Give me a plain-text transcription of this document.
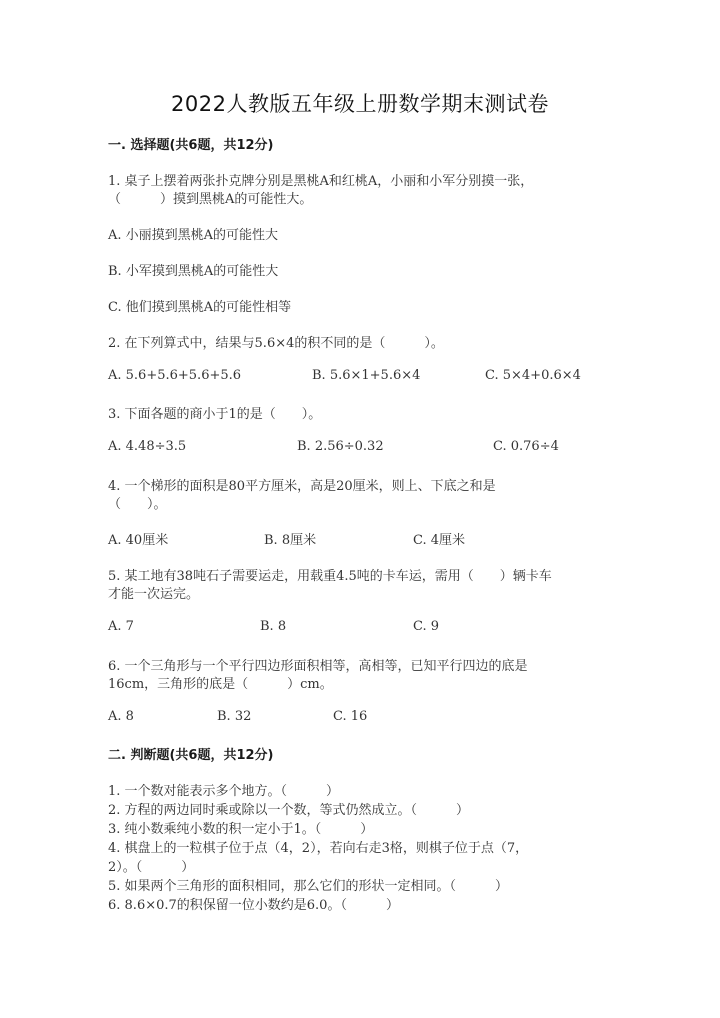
2022人教版五年级上册数学期末测试卷
一. 选择题(共6题，共12分)
1. 桌子上摆着两张扑克牌分别是黑桃A和红桃A，小丽和小军分别摸一张，
（　　　）摸到黑桃A的可能性大。
A. 小丽摸到黑桃A的可能性大
B. 小军摸到黑桃A的可能性大
C. 他们摸到黑桃A的可能性相等
2. 在下列算式中，结果与5.6×4的积不同的是（　　　）。
A. 5.6+5.6+5.6+5.6	B. 5.6×1+5.6×4	C. 5×4+0.6×4
3. 下面各题的商小于1的是（　　）。
A. 4.48÷3.5	B. 2.56÷0.32	C. 0.76÷4
4. 一个梯形的面积是80平方厘米，高是20厘米，则上、下底之和是
（　　）。
A. 40厘米	B. 8厘米	C. 4厘米
5. 某工地有38吨石子需要运走，用载重4.5吨的卡车运，需用（　　）辆卡车
才能一次运完。
A. 7	B. 8	C. 9
6. 一个三角形与一个平行四边形面积相等，高相等，已知平行四边的底是
16cm，三角形的底是（　　　）cm。
A. 8	B. 32	C. 16
二. 判断题(共6题，共12分)
1. 一个数对能表示多个地方。（　　　）
2. 方程的两边同时乘或除以一个数，等式仍然成立。（　　　）
3. 纯小数乘纯小数的积一定小于1。（　　　）
4. 棋盘上的一粒棋子位于点（4，2），若向右走3格，则棋子位于点（7，
2）。（　　　）
5. 如果两个三角形的面积相同，那么它们的形状一定相同。（　　　）
6. 8.6×0.7的积保留一位小数约是6.0。（　　　）
